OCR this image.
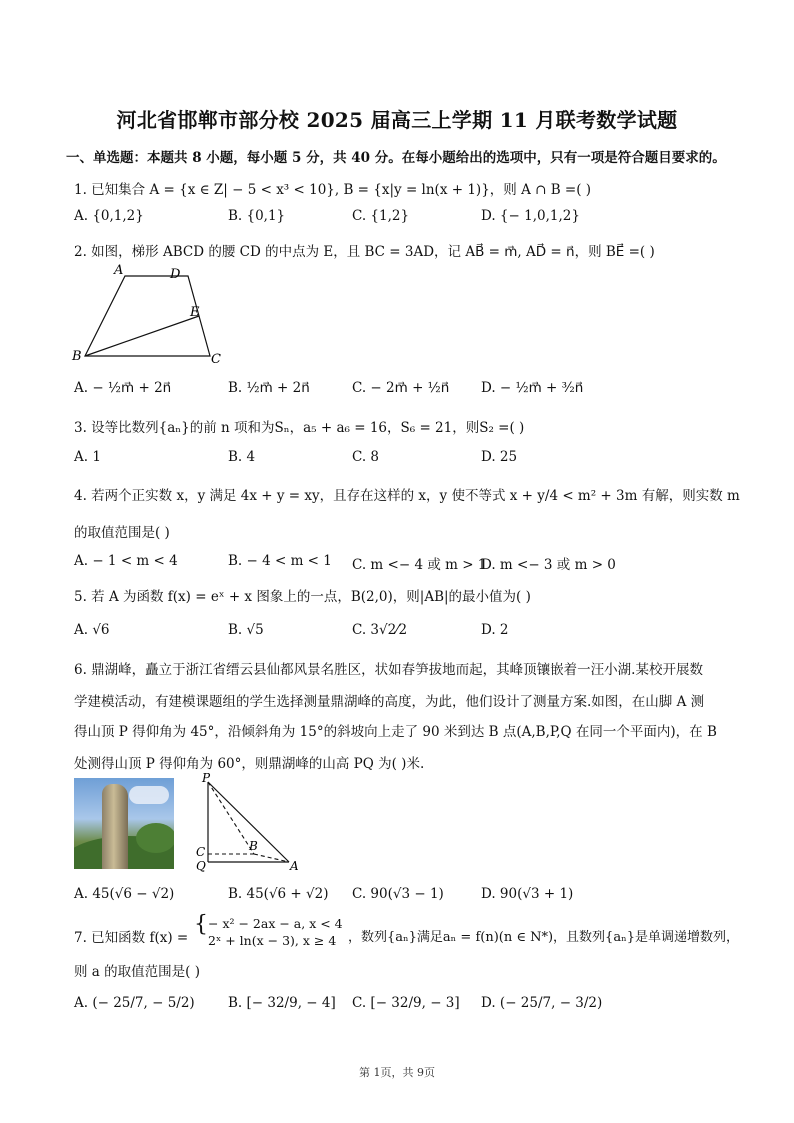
河北省邯郸市部分校 2025 届高三上学期 11 月联考数学试题
一、单选题：本题共 8 小题，每小题 5 分，共 40 分。在每小题给出的选项中，只有一项是符合题目要求的。
1. 已知集合 A = {x ∈ Z| − 5 < x³ < 10}, B = {x|y = ln(x + 1)}，则 A ∩ B =( )
A. {0,1,2}	B. {0,1}	C. {1,2}	D. {− 1,0,1,2}
2. 如图，梯形 ABCD 的腰 CD 的中点为 E，且 BC = 3AD，记 AB⃗ = m⃗, AD⃗ = n⃗，则 BE⃗ =( )
A	D
E
B	C
A. − ½m⃗ + 2n⃗	B. ½m⃗ + 2n⃗	C. − 2m⃗ + ½n⃗ D. − ½m⃗ + ³⁄₂n⃗
3. 设等比数列{aₙ}的前 n 项和为Sₙ，a₅ + a₆ = 16，S₆ = 21，则S₂ =( )
A. 1	B. 4	C. 8	D. 25
4. 若两个正实数 x，y 满足 4x + y = xy，且存在这样的 x，y 使不等式 x + y/4 < m² + 3m 有解，则实数 m
的取值范围是( )
A. − 1 < m < 4	B. − 4 < m < 1 C. m <− 4 或 m > 1
D. m <− 3 或 m > 0
5. 若 A 为函数 f(x) = eˣ + x 图象上的一点，B(2,0)，则|AB|的最小值为( )
A. √6	B. √5	C. 3√2⁄2	D. 2
6. 鼎湖峰，矗立于浙江省缙云县仙都风景名胜区，状如春笋拔地而起，其峰顶镶嵌着一汪小湖.某校开展数
学建模活动，有建模课题组的学生选择测量鼎湖峰的高度，为此，他们设计了测量方案.如图，在山脚 A 测
得山顶 P 得仰角为 45°，沿倾斜角为 15°的斜坡向上走了 90 米到达 B 点(A,B,P,Q 在同一个平面内)，在 B
处测得山顶 P 得仰角为 60°，则鼎湖峰的山高 PQ 为( )米.
P
C
Q
B
A
A. 45(√6 − √2)	B. 45(√6 + √2) C. 90(√3 − 1)	D. 90(√3 + 1)
7. 已知函数 f(x) =
{ − x² − 2ax − a, x < 4
2ˣ + ln(x − 3), x ≥ 4 ，数列{aₙ}满足aₙ = f(n)(n ∈ N*)，且数列{aₙ}是单调递增数列，
则 a 的取值范围是( )
A. (− 25/7, − 5/2) B. [− 32/9, − 4] C. [− 32/9, − 3] D. (− 25/7, − 3/2)
第 1页，共 9页
